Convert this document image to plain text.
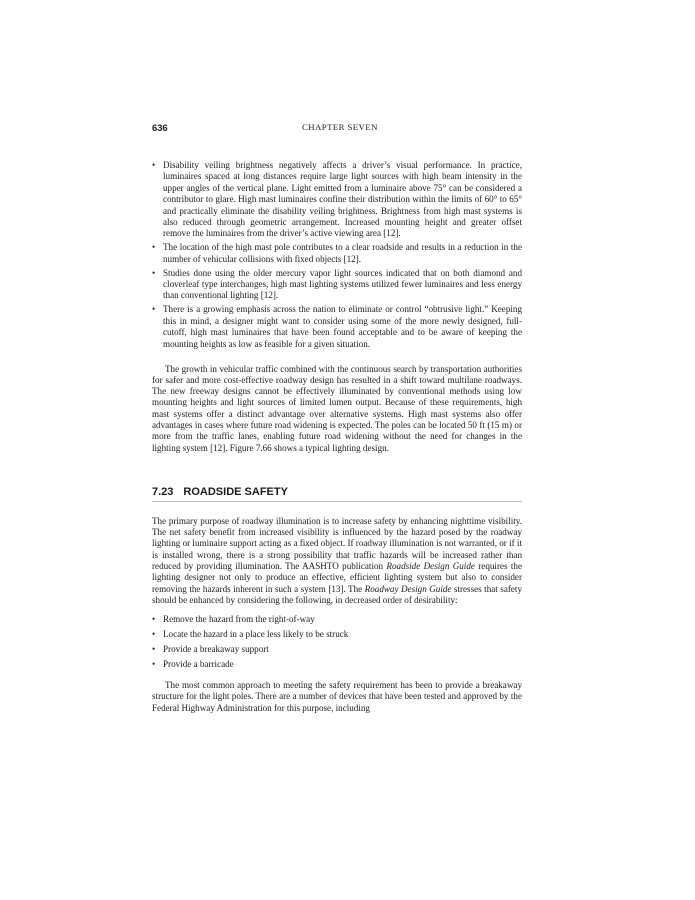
636	CHAPTER SEVEN
• Disability veiling brightness negatively affects a driver’s visual performance. In practice, luminaires spaced at long distances require large light sources with high beam intensity in the upper angles of the vertical plane. Light emitted from a luminaire above 75° can be considered a contributor to glare. High mast luminaires confine their distribution within the limits of 60° to 65° and practically eliminate the disability veiling brightness. Brightness from high mast systems is also reduced through geometric arrangement. Increased mounting height and greater offset remove the luminaires from the driver’s active viewing area [12].
• The location of the high mast pole contributes to a clear roadside and results in a reduction in the number of vehicular collisions with fixed objects [12].
• Studies done using the older mercury vapor light sources indicated that on both diamond and cloverleaf type interchanges, high mast lighting systems utilized fewer luminaires and less energy than conventional lighting [12].
• There is a growing emphasis across the nation to eliminate or control “obtrusive light.” Keeping this in mind, a designer might want to consider using some of the more newly designed, full-cutoff, high mast luminaires that have been found acceptable and to be aware of keeping the mounting heights as low as feasible for a given situation.

The growth in vehicular traffic combined with the continuous search by transportation authorities for safer and more cost-effective roadway design has resulted in a shift toward multilane roadways. The new freeway designs cannot be effectively illuminated by conventional methods using low mounting heights and light sources of limited lumen output. Because of these requirements, high mast systems offer a distinct advantage over alternative systems. High mast systems also offer advantages in cases where future road widening is expected. The poles can be located 50 ft (15 m) or more from the traffic lanes, enabling future road widening without the need for changes in the lighting system [12]. Figure 7.66 shows a typical lighting design.

7.23 ROADSIDE SAFETY

The primary purpose of roadway illumination is to increase safety by enhancing nighttime visibility. The net safety benefit from increased visibility is influenced by the hazard posed by the roadway lighting or luminaire support acting as a fixed object. If roadway illumination is not warranted, or if it is installed wrong, there is a strong possibility that traffic hazards will be increased rather than reduced by providing illumination. The AASHTO publication Roadside Design Guide requires the lighting designer not only to produce an effective, efficient lighting system but also to consider removing the hazards inherent in such a system [13]. The Roadway Design Guide stresses that safety should be enhanced by considering the following, in decreased order of desirability:

• Remove the hazard from the right-of-way
• Locate the hazard in a place less likely to be struck
• Provide a breakaway support
• Provide a barricade

The most common approach to meeting the safety requirement has been to provide a breakaway structure for the light poles. There are a number of devices that have been tested and approved by the Federal Highway Administration for this purpose, including
